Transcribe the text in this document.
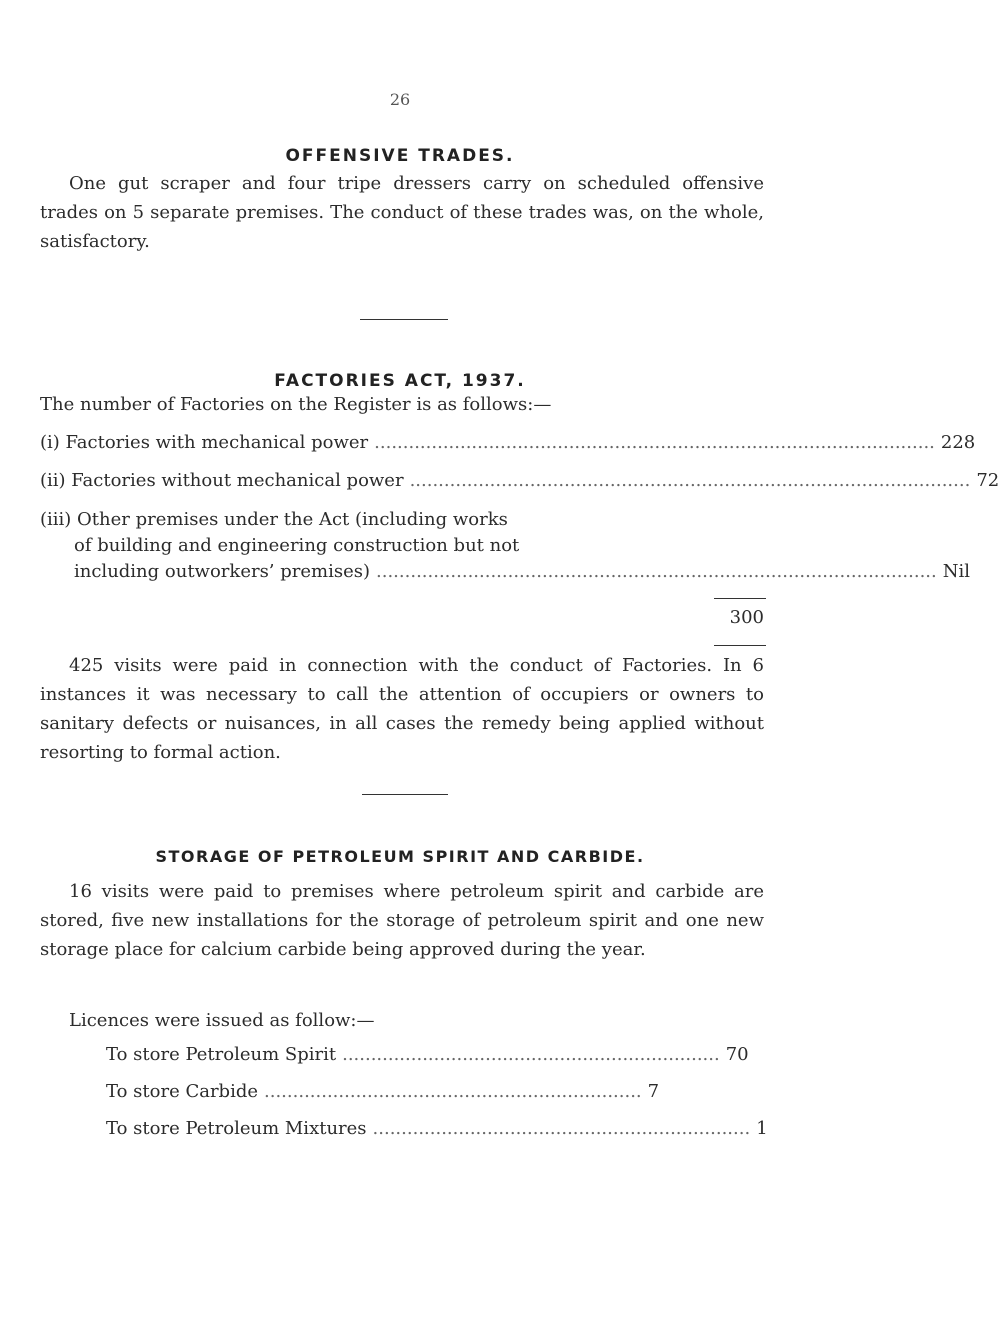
26
OFFENSIVE TRADES.

One gut scraper and four tripe dressers carry on scheduled offensive trades on 5 separate premises. The conduct of these trades was, on the whole, satisfactory.

FACTORIES ACT, 1937.
The number of Factories on the Register is as follows:—
(i) Factories with mechanical power .................................................................................................. 228
(ii) Factories without mechanical power .................................................................................................. 72
(iii) Other premises under the Act (including works
of building and engineering construction but not
including outworkers’ premises) .................................................................................................. Nil
300

425 visits were paid in connection with the conduct of Factories. In 6 instances it was necessary to call the attention of occupiers or owners to sanitary defects or nuisances, in all cases the remedy being applied without resorting to formal action.

STORAGE OF PETROLEUM SPIRIT AND CARBIDE.

16 visits were paid to premises where petroleum spirit and carbide are stored, five new installations for the storage of petroleum spirit and one new storage place for calcium carbide being approved during the year.

Licences were issued as follow:—
To store Petroleum Spirit .................................................................. 70
To store Carbide .................................................................. 7
To store Petroleum Mixtures .................................................................. 1
